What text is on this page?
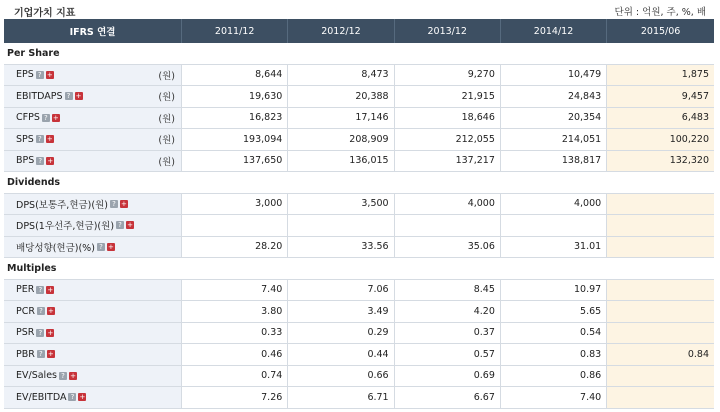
기업가치 지표	단위 : 억원, 주, %, 배
IFRS 연결	2011/12	2012/12	2013/12	2014/12	2015/06
Per Share					

EPS ? + (원)	8,644	8,473	9,270	10,479	1,875

EBITDAPS ? + (원)	19,630	20,388	21,915	24,843	9,457

CFPS ? + (원)	16,823	17,146	18,646	20,354	6,483

SPS ? + (원)	193,094	208,909	212,055	214,051	100,220

BPS ? + (원)	137,650	136,015	137,217	138,817	132,320
Dividends					

DPS(보통주,현금)(원) ? +	3,000	3,500	4,000	4,000	

DPS(1우선주,현금)(원) ? +					

배당성향(현금)(%) ? +	28.20	33.56	35.06	31.01	
Multiples					

PER ? +	7.40	7.06	8.45	10.97	

PCR ? +	3.80	3.49	4.20	5.65	

PSR ? +	0.33	0.29	0.37	0.54	

PBR ? +	0.46	0.44	0.57	0.83	0.84

EV/Sales ? +	0.74	0.66	0.69	0.86	

EV/EBITDA ? +	7.26	6.71	6.67	7.40	
